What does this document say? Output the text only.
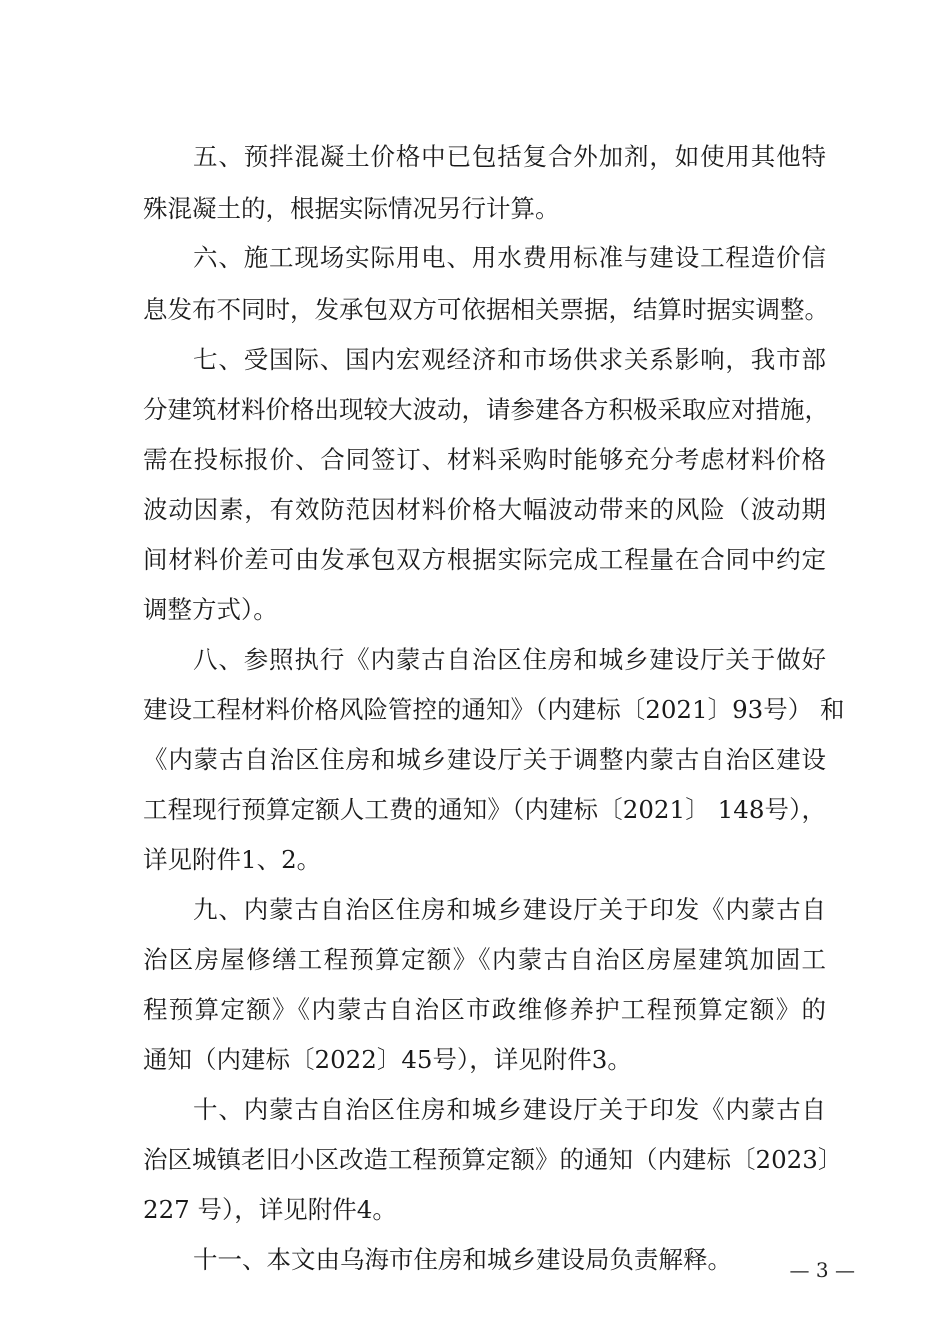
五、预拌混凝土价格中已包括复合外加剂，如使用其他特
殊混凝土的，根据实际情况另行计算。
六、施工现场实际用电、用水费用标准与建设工程造价信
息发布不同时，发承包双方可依据相关票据，结算时据实调整。
七、受国际、国内宏观经济和市场供求关系影响，我市部
分建筑材料价格出现较大波动，请参建各方积极采取应对措施，
需在投标报价、合同签订、材料采购时能够充分考虑材料价格
波动因素，有效防范因材料价格大幅波动带来的风险（波动期
间材料价差可由发承包双方根据实际完成工程量在合同中约定
调整方式）。
八、参照执行《内蒙古自治区住房和城乡建设厅关于做好
建设工程材料价格风险管控的通知》（内建标〔2021〕93号） 和
《内蒙古自治区住房和城乡建设厅关于调整内蒙古自治区建设
工程现行预算定额人工费的通知》（内建标〔2021〕 148号），
详见附件1、2。
九、内蒙古自治区住房和城乡建设厅关于印发《内蒙古自
治区房屋修缮工程预算定额》《内蒙古自治区房屋建筑加固工
程预算定额》《内蒙古自治区市政维修养护工程预算定额》的
通知（内建标〔2022〕45号），详见附件3。
十、内蒙古自治区住房和城乡建设厅关于印发《内蒙古自
治区城镇老旧小区改造工程预算定额》的通知（内建标〔2023〕
227 号），详见附件4。
十一、本文由乌海市住房和城乡建设局负责解释。	— 3 —
